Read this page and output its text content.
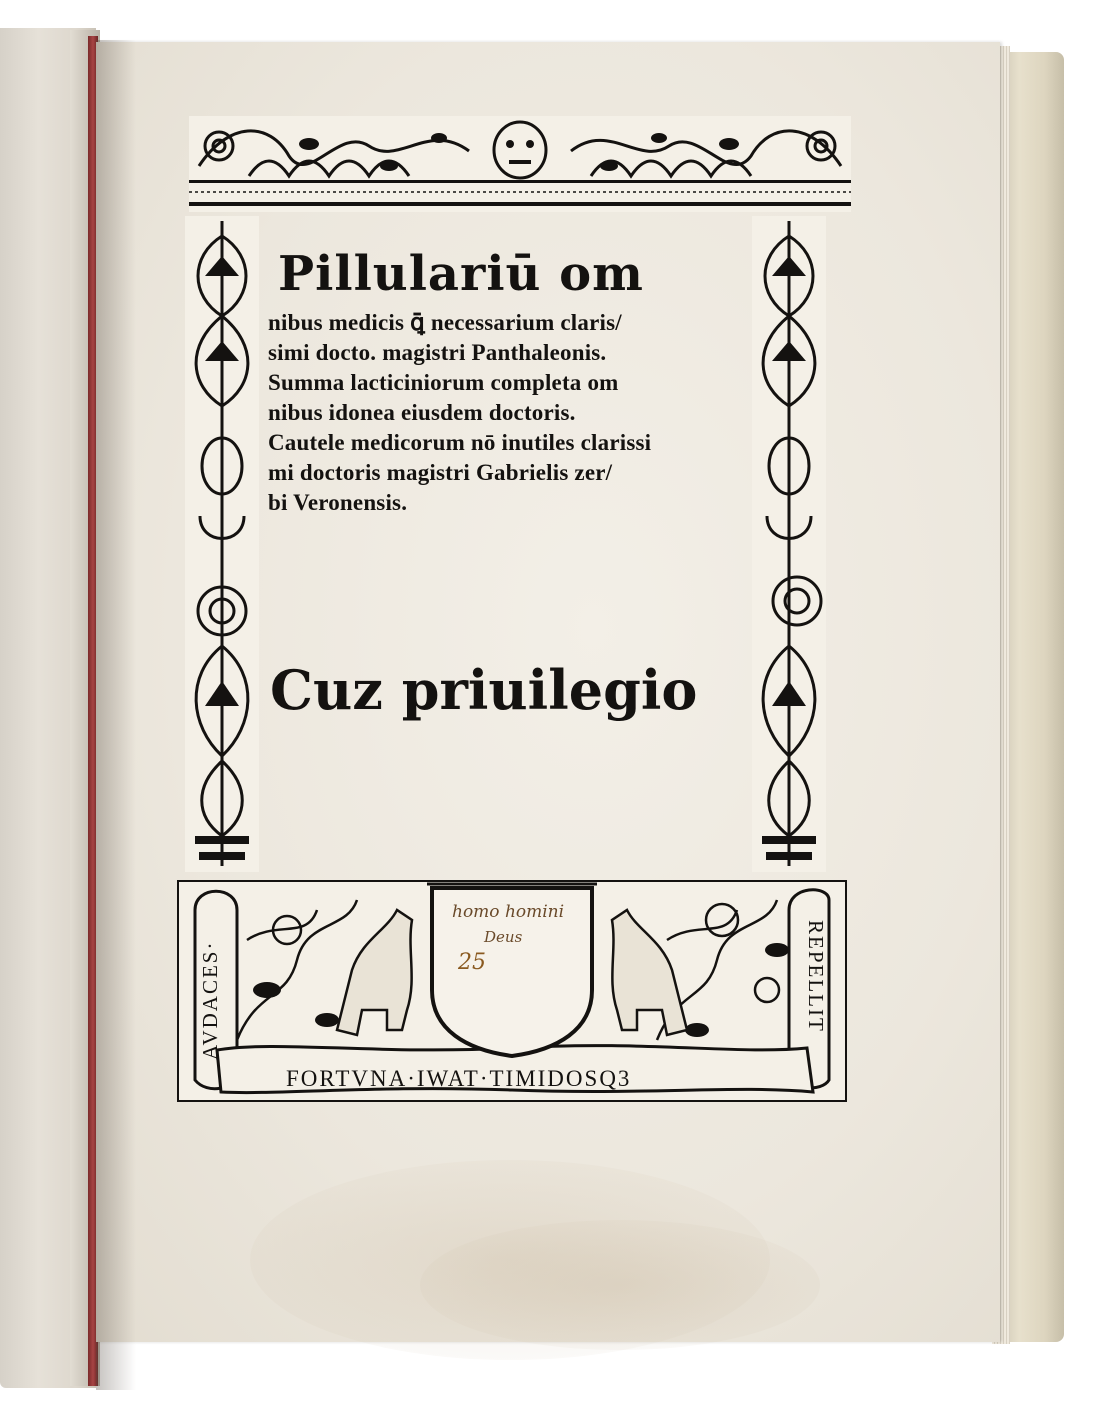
Pillulariū om
nibus medicis ꝗ̄ necessarium claris/
simi docto. magistri Panthaleonis.
Summa lacticiniorum completa om
nibus idonea eiusdem doctoris.
Cautele medicorum nō inutiles clarissi
mi doctoris magistri Gabrielis zer/
bi Veronensis.
Cuz priuilegio
AVDACES·	REPELLIT
FORTVNA·IWAT·TIMIDOSQ3
homo homini
Deus
25
